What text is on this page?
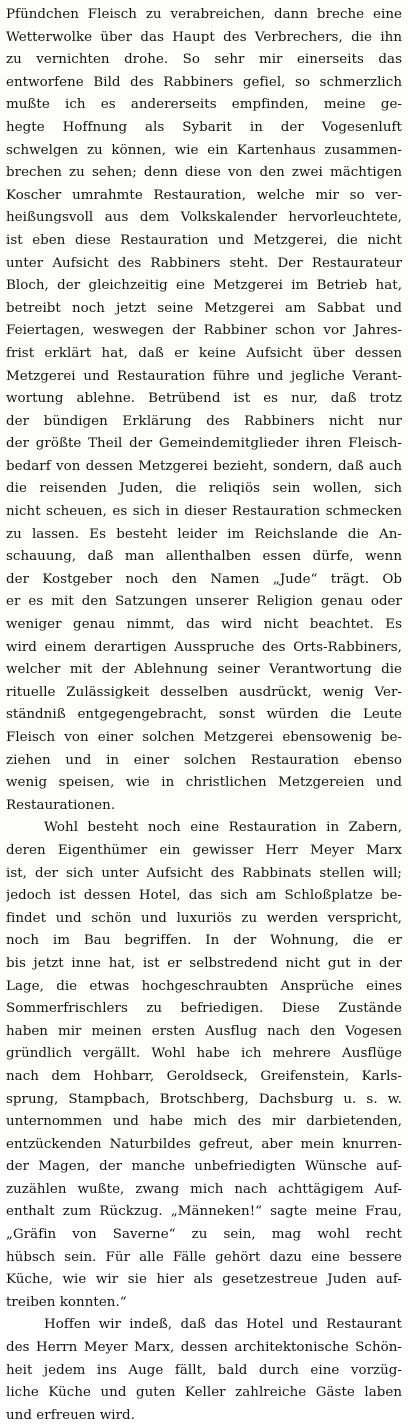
Pfündchen Fleisch zu verabreichen, dann breche eine
Wetterwolke über das Haupt des Verbrechers, die ihn
zu vernichten drohe. So sehr mir einerseits das
entworfene Bild des Rabbiners gefiel, so schmerzlich
mußte ich es andererseits empfinden, meine ge-
hegte Hoffnung als Sybarit in der Vogesenluft
schwelgen zu können, wie ein Kartenhaus zusammen-
brechen zu sehen; denn diese von den zwei mächtigen
Koscher umrahmte Restauration, welche mir so ver-
heißungsvoll aus dem Volkskalender hervorleuchtete,
ist eben diese Restauration und Metzgerei, die nicht
unter Aufsicht des Rabbiners steht. Der Restaurateur
Bloch, der gleichzeitig eine Metzgerei im Betrieb hat,
betreibt noch jetzt seine Metzgerei am Sabbat und
Feiertagen, weswegen der Rabbiner schon vor Jahres-
frist erklärt hat, daß er keine Aufsicht über dessen
Metzgerei und Restauration führe und jegliche Verant-
wortung ablehne. Betrübend ist es nur, daß trotz
der bündigen Erklärung des Rabbiners nicht nur
der größte Theil der Gemeindemitglieder ihren Fleisch-
bedarf von dessen Metzgerei bezieht, sondern, daß auch
die reisenden Juden, die reliqiös sein wollen, sich
nicht scheuen, es sich in dieser Restauration schmecken
zu lassen. Es besteht leider im Reichslande die An-
schauung, daß man allenthalben essen dürfe, wenn
der Kostgeber noch den Namen „Jude“ trägt. Ob
er es mit den Satzungen unserer Religion genau oder
weniger genau nimmt, das wird nicht beachtet. Es
wird einem derartigen Ausspruche des Orts-Rabbiners,
welcher mit der Ablehnung seiner Verantwortung die
rituelle Zulässigkeit desselben ausdrückt, wenig Ver-
ständniß entgegengebracht, sonst würden die Leute
Fleisch von einer solchen Metzgerei ebensowenig be-
ziehen und in einer solchen Restauration ebenso
wenig speisen, wie in christlichen Metzgereien und
Restaurationen.
Wohl besteht noch eine Restauration in Zabern,
deren Eigenthümer ein gewisser Herr Meyer Marx
ist, der sich unter Aufsicht des Rabbinats stellen will;
jedoch ist dessen Hotel, das sich am Schloßplatze be-
findet und schön und luxuriös zu werden verspricht,
noch im Bau begriffen. In der Wohnung, die er
bis jetzt inne hat, ist er selbstredend nicht gut in der
Lage, die etwas hochgeschraubten Ansprüche eines
Sommerfrischlers zu befriedigen. Diese Zustände
haben mir meinen ersten Ausflug nach den Vogesen
gründlich vergällt. Wohl habe ich mehrere Ausflüge
nach dem Hohbarr, Geroldseck, Greifenstein, Karls-
sprung, Stampbach, Brotschberg, Dachsburg u. s. w.
unternommen und habe mich des mir darbietenden,
entzückenden Naturbildes gefreut, aber mein knurren-
der Magen, der manche unbefriedigten Wünsche auf-
zuzählen wußte, zwang mich nach achttägigem Auf-
enthalt zum Rückzug. „Männeken!“ sagte meine Frau,
„Gräfin von Saverne“ zu sein, mag wohl recht
hübsch sein. Für alle Fälle gehört dazu eine bessere
Küche, wie wir sie hier als gesetzestreue Juden auf-
treiben konnten.“
Hoffen wir indeß, daß das Hotel und Restaurant
des Herrn Meyer Marx, dessen architektonische Schön-
heit jedem ins Auge fällt, bald durch eine vorzüg-
liche Küche und guten Keller zahlreiche Gäste laben
und erfreuen wird.
